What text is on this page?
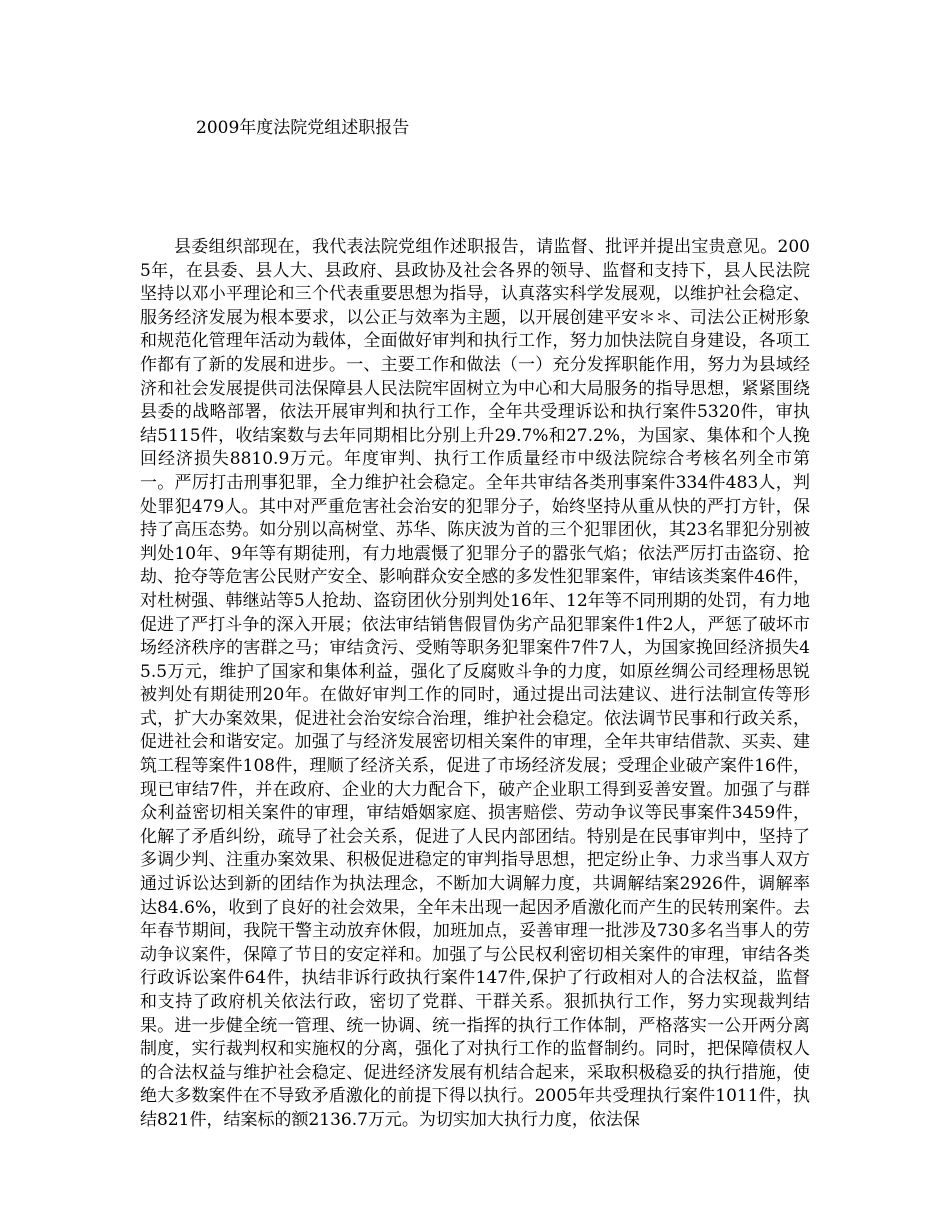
2009年度法院党组述职报告

县委组织部现在，我代表法院党组作述职报告，请监督、批评并提出宝贵意见。2005年，在县委、县人大、县政府、县政协及社会各界的领导、监督和支持下，县人民法院坚持以邓小平理论和三个代表重要思想为指导，认真落实科学发展观，以维护社会稳定、服务经济发展为根本要求，以公正与效率为主题，以开展创建平安＊＊、司法公正树形象和规范化管理年活动为载体，全面做好审判和执行工作，努力加快法院自身建设，各项工作都有了新的发展和进步。一、主要工作和做法（一）充分发挥职能作用，努力为县域经济和社会发展提供司法保障县人民法院牢固树立为中心和大局服务的指导思想，紧紧围绕县委的战略部署，依法开展审判和执行工作，全年共受理诉讼和执行案件5320件，审执结5115件，收结案数与去年同期相比分别上升29.7%和27.2%，为国家、集体和个人挽回经济损失8810.9万元。年度审判、执行工作质量经市中级法院综合考核名列全市第一。严厉打击刑事犯罪，全力维护社会稳定。全年共审结各类刑事案件334件483人，判处罪犯479人。其中对严重危害社会治安的犯罪分子，始终坚持从重从快的严打方针，保持了高压态势。如分别以高树堂、苏华、陈庆波为首的三个犯罪团伙，其23名罪犯分别被判处10年、9年等有期徒刑，有力地震慑了犯罪分子的嚣张气焰；依法严厉打击盗窃、抢劫、抢夺等危害公民财产安全、影响群众安全感的多发性犯罪案件，审结该类案件46件，对杜树强、韩继站等5人抢劫、盗窃团伙分别判处16年、12年等不同刑期的处罚，有力地促进了严打斗争的深入开展；依法审结销售假冒伪劣产品犯罪案件1件2人，严惩了破坏市场经济秩序的害群之马；审结贪污、受贿等职务犯罪案件7件7人，为国家挽回经济损失45.5万元，维护了国家和集体利益，强化了反腐败斗争的力度，如原丝绸公司经理杨思锐被判处有期徒刑20年。在做好审判工作的同时，通过提出司法建议、进行法制宣传等形式，扩大办案效果，促进社会治安综合治理，维护社会稳定。依法调节民事和行政关系，促进社会和谐安定。加强了与经济发展密切相关案件的审理，全年共审结借款、买卖、建筑工程等案件108件，理顺了经济关系，促进了市场经济发展；受理企业破产案件16件，现已审结7件，并在政府、企业的大力配合下，破产企业职工得到妥善安置。加强了与群众利益密切相关案件的审理，审结婚姻家庭、损害赔偿、劳动争议等民事案件3459件，化解了矛盾纠纷，疏导了社会关系，促进了人民内部团结。特别是在民事审判中，坚持了多调少判、注重办案效果、积极促进稳定的审判指导思想，把定纷止争、力求当事人双方通过诉讼达到新的团结作为执法理念，不断加大调解力度，共调解结案2926件，调解率达84.6%，收到了良好的社会效果，全年未出现一起因矛盾激化而产生的民转刑案件。去年春节期间，我院干警主动放弃休假，加班加点，妥善审理一批涉及730多名当事人的劳动争议案件，保障了节日的安定祥和。加强了与公民权利密切相关案件的审理，审结各类行政诉讼案件64件，执结非诉行政执行案件147件,保护了行政相对人的合法权益，监督和支持了政府机关依法行政，密切了党群、干群关系。狠抓执行工作，努力实现裁判结果。进一步健全统一管理、统一协调、统一指挥的执行工作体制，严格落实一公开两分离制度，实行裁判权和实施权的分离，强化了对执行工作的监督制约。同时，把保障债权人的合法权益与维护社会稳定、促进经济发展有机结合起来，采取积极稳妥的执行措施，使绝大多数案件在不导致矛盾激化的前提下得以执行。2005年共受理执行案件1011件，执结821件，结案标的额2136.7万元。为切实加大执行力度，依法保
